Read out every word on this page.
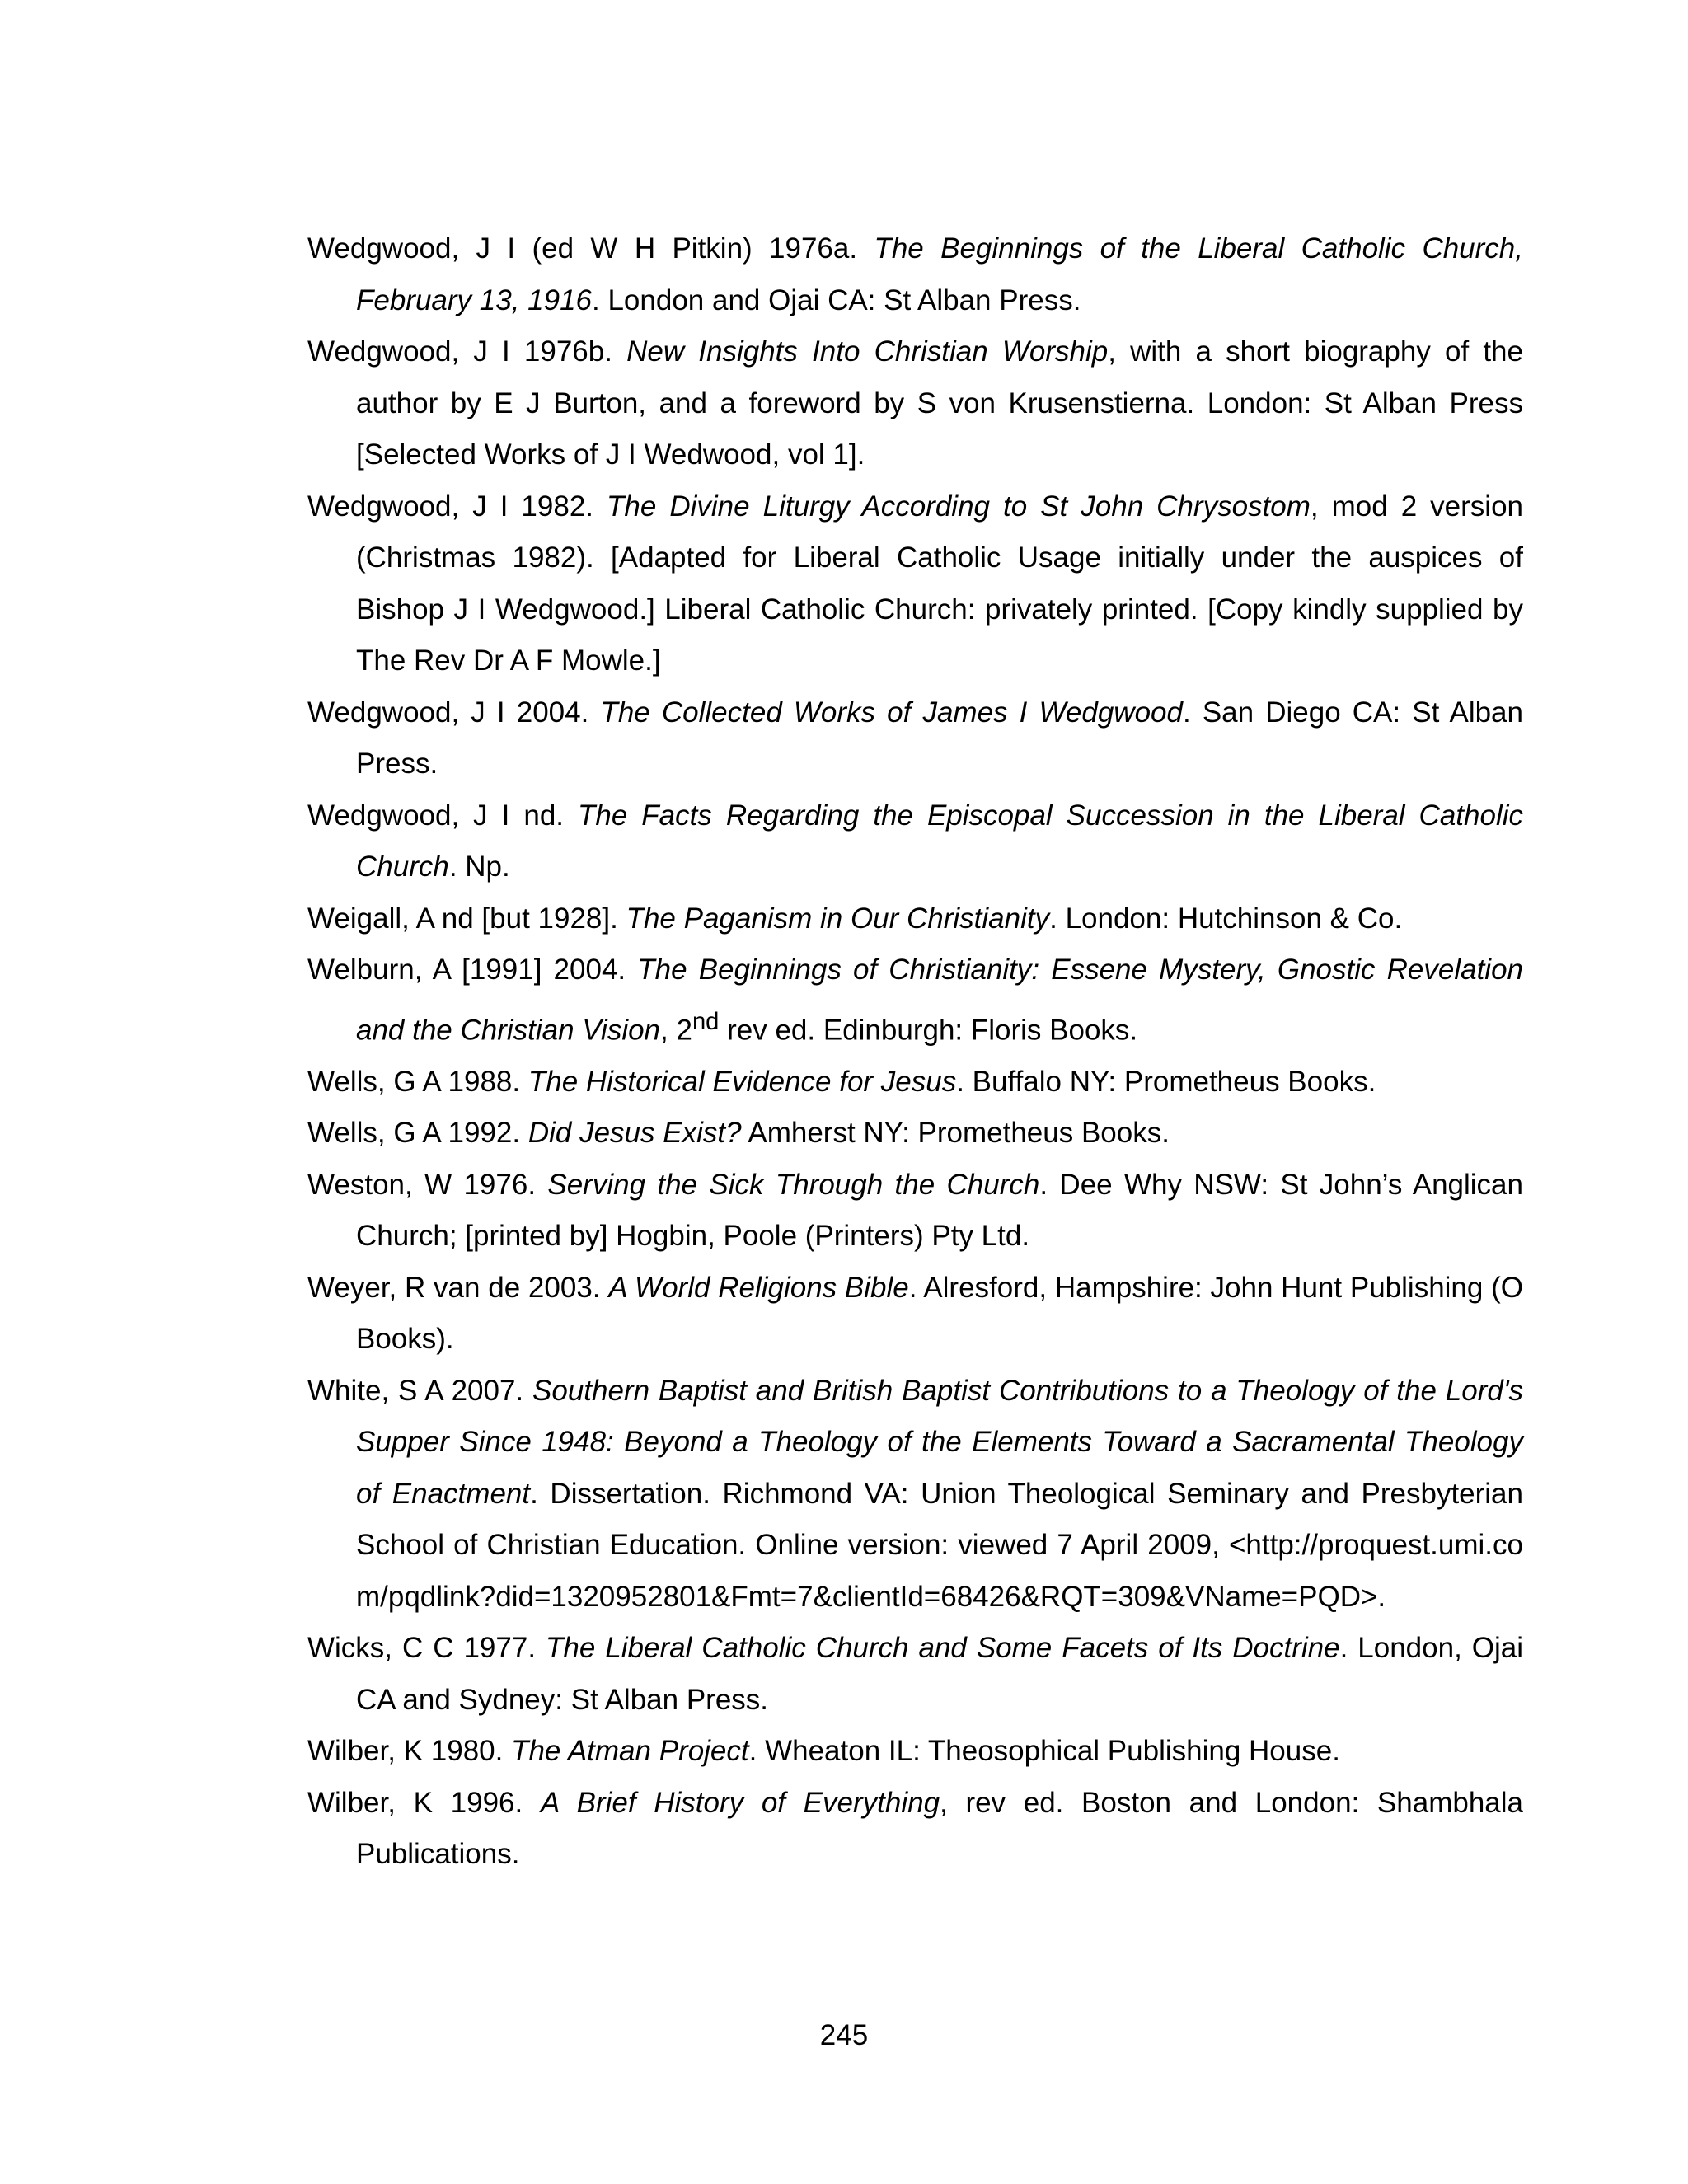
Wedgwood, J I (ed W H Pitkin) 1976a. The Beginnings of the Liberal Catholic Church, February 13, 1916. London and Ojai CA: St Alban Press.
Wedgwood, J I 1976b. New Insights Into Christian Worship, with a short biography of the author by E J Burton, and a foreword by S von Krusenstierna. London: St Alban Press [Selected Works of J I Wedwood, vol 1].
Wedgwood, J I 1982. The Divine Liturgy According to St John Chrysostom, mod 2 version (Christmas 1982). [Adapted for Liberal Catholic Usage initially under the auspices of Bishop J I Wedgwood.] Liberal Catholic Church: privately printed. [Copy kindly supplied by The Rev Dr A F Mowle.]
Wedgwood, J I 2004. The Collected Works of James I Wedgwood. San Diego CA: St Alban Press.
Wedgwood, J I nd. The Facts Regarding the Episcopal Succession in the Liberal Catholic Church. Np.
Weigall, A nd [but 1928]. The Paganism in Our Christianity. London: Hutchinson & Co.
Welburn, A [1991] 2004. The Beginnings of Christianity: Essene Mystery, Gnostic Revelation and the Christian Vision, 2nd rev ed. Edinburgh: Floris Books.
Wells, G A 1988. The Historical Evidence for Jesus. Buffalo NY: Prometheus Books.
Wells, G A 1992. Did Jesus Exist? Amherst NY: Prometheus Books.
Weston, W 1976. Serving the Sick Through the Church. Dee Why NSW: St John’s Anglican Church; [printed by] Hogbin, Poole (Printers) Pty Ltd.
Weyer, R van de 2003. A World Religions Bible. Alresford, Hampshire: John Hunt Publishing (O Books).
White, S A 2007. Southern Baptist and British Baptist Contributions to a Theology of the Lord's Supper Since 1948: Beyond a Theology of the Elements Toward a Sacramental Theology of Enactment. Dissertation. Richmond VA: Union Theological Seminary and Presbyterian School of Christian Education. Online version: viewed 7 April 2009, <http://proquest.umi.com/pqdlink?did=1320952801&Fmt=7&clientId=68426&RQT=309&VName=PQD>.
Wicks, C C 1977. The Liberal Catholic Church and Some Facets of Its Doctrine. London, Ojai CA and Sydney: St Alban Press.
Wilber, K 1980. The Atman Project. Wheaton IL: Theosophical Publishing House.
Wilber, K 1996. A Brief History of Everything, rev ed. Boston and London: Shambhala Publications.
245
